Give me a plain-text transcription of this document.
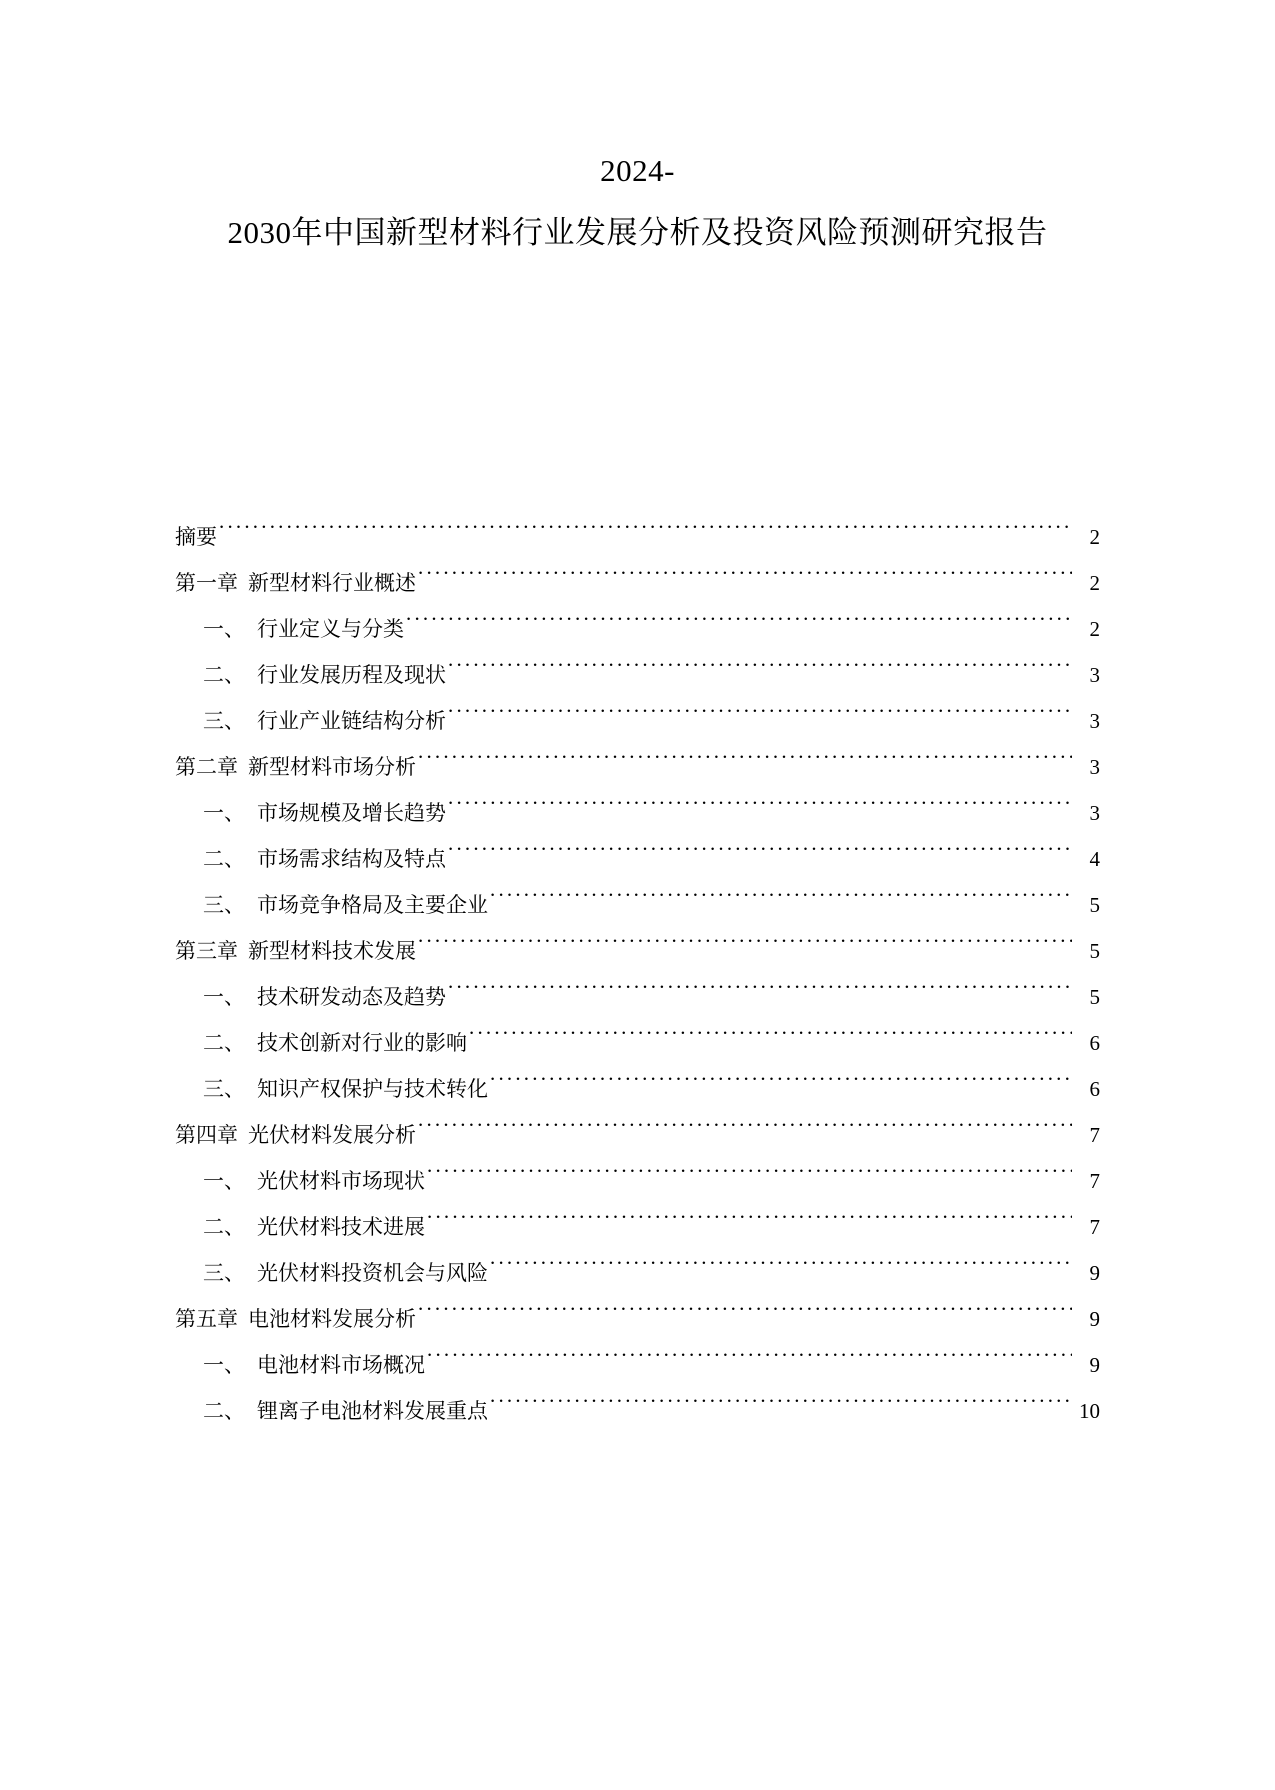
2024-
2030年中国新型材料行业发展分析及投资风险预测研究报告
摘要 .....	2
第一章 新型材料行业概述 .....	2
一、 行业定义与分类 .....	2
二、 行业发展历程及现状 .....	3
三、 行业产业链结构分析 .....	3
第二章 新型材料市场分析 .....	3
一、 市场规模及增长趋势 .....	3
二、 市场需求结构及特点 .....	4
三、 市场竞争格局及主要企业 .....	5
第三章 新型材料技术发展 .....	5
一、 技术研发动态及趋势 .....	5
二、 技术创新对行业的影响 .....	6
三、 知识产权保护与技术转化 .....	6
第四章 光伏材料发展分析 .....	7
一、 光伏材料市场现状 .....	7
二、 光伏材料技术进展 .....	7
三、 光伏材料投资机会与风险 .....	9
第五章 电池材料发展分析 .....	9
一、 电池材料市场概况 .....	9
二、 锂离子电池材料发展重点 .....	10
